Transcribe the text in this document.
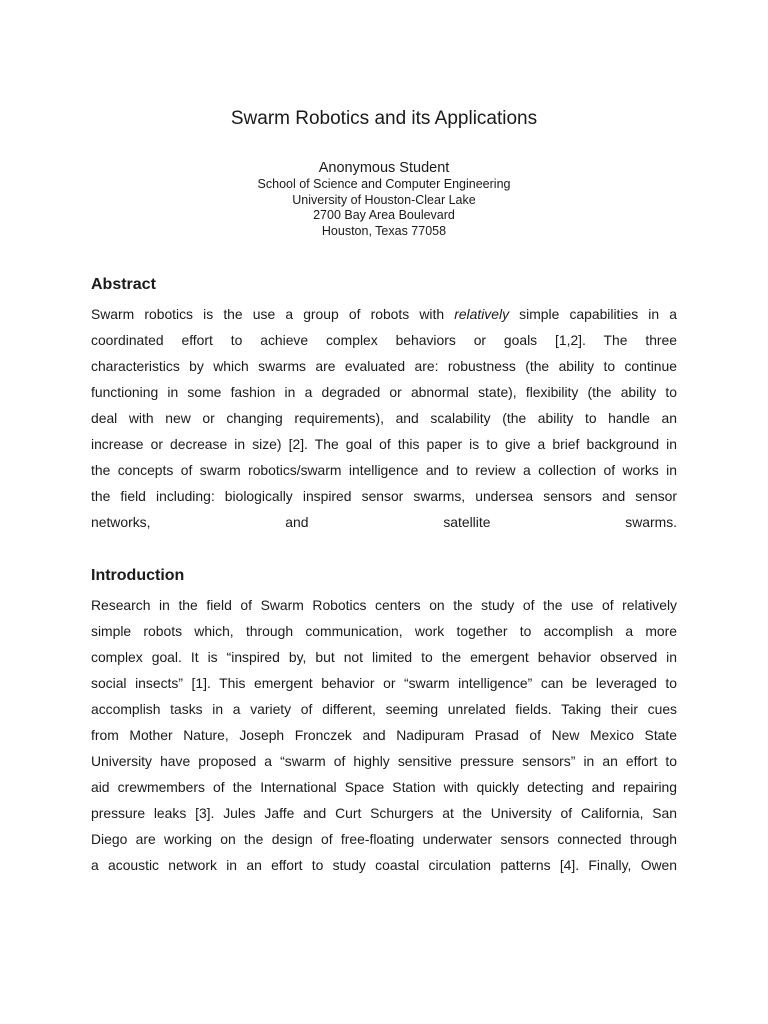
Swarm Robotics and its Applications
Anonymous Student
School of Science and Computer Engineering
University of Houston-Clear Lake
2700 Bay Area Boulevard
Houston, Texas 77058
Abstract
Swarm robotics is the use a group of robots with relatively simple capabilities in a
coordinated effort to achieve complex behaviors or goals [1,2]. The three
characteristics by which swarms are evaluated are: robustness (the ability to continue
functioning in some fashion in a degraded or abnormal state), flexibility (the ability to
deal with new or changing requirements), and scalability (the ability to handle an
increase or decrease in size) [2]. The goal of this paper is to give a brief background in
the concepts of swarm robotics/swarm intelligence and to review a collection of works in
the field including: biologically inspired sensor swarms, undersea sensors and sensor
networks, and satellite swarms.
Introduction
Research in the field of Swarm Robotics centers on the study of the use of relatively
simple robots which, through communication, work together to accomplish a more
complex goal. It is “inspired by, but not limited to the emergent behavior observed in
social insects” [1]. This emergent behavior or “swarm intelligence” can be leveraged to
accomplish tasks in a variety of different, seeming unrelated fields. Taking their cues
from Mother Nature, Joseph Fronczek and Nadipuram Prasad of New Mexico State
University have proposed a “swarm of highly sensitive pressure sensors” in an effort to
aid crewmembers of the International Space Station with quickly detecting and repairing
pressure leaks [3]. Jules Jaffe and Curt Schurgers at the University of California, San
Diego are working on the design of free-floating underwater sensors connected through
a acoustic network in an effort to study coastal circulation patterns [4]. Finally, Owen
